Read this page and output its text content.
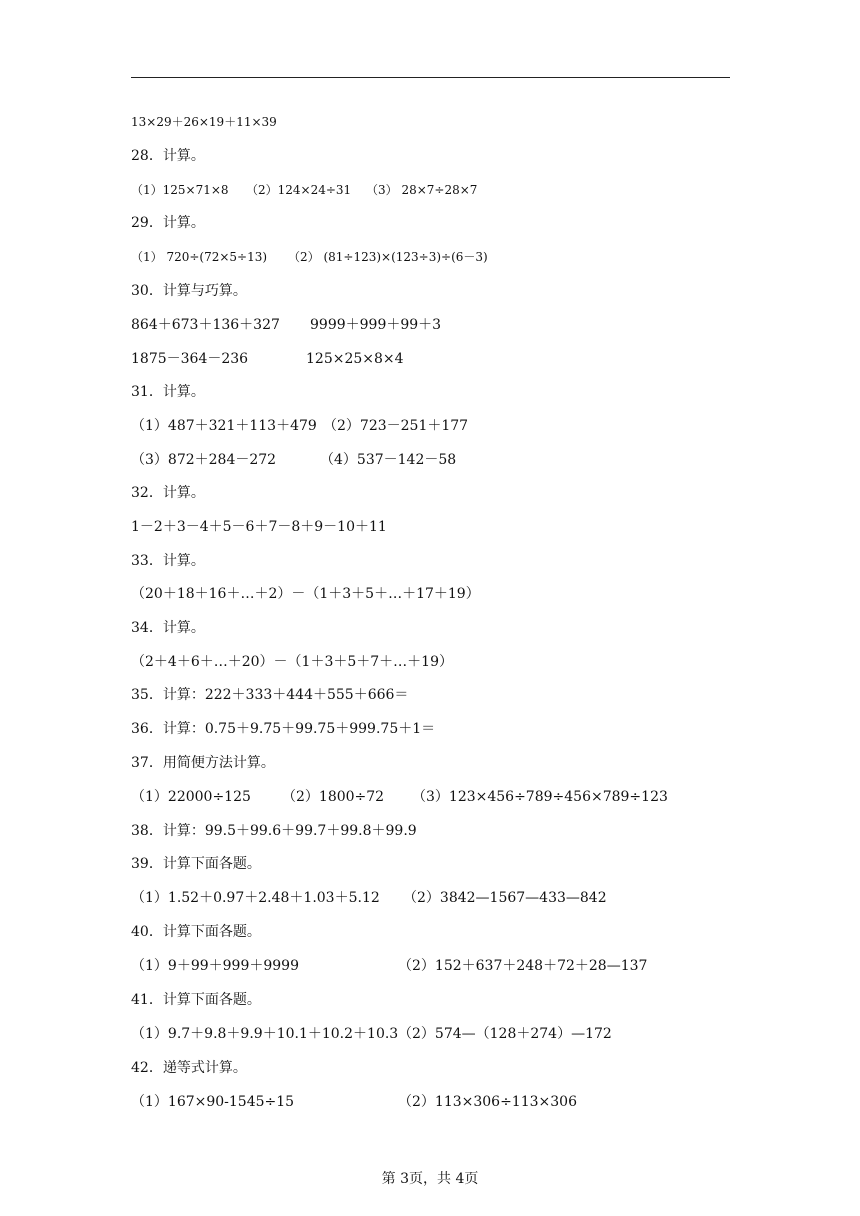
13×29＋26×19＋11×39
28．计算。
（1）125×71×8 （2）124×24÷31 （3） 28×7÷28×7
29．计算。
（1） 720÷(72×5÷13) （2） (81÷123)×(123÷3)÷(6－3)
30．计算与巧算。
864＋673＋136＋327 9999＋999＋99＋3
1875－364－236	125×25×8×4
31．计算。
（1）487＋321＋113＋479 （2）723－251＋177
（3）872＋284－272	（4）537－142－58
32．计算。
1－2＋3－4＋5－6＋7－8＋9－10＋11
33．计算。
（20＋18＋16＋…＋2）－（1＋3＋5＋…＋17＋19）
34．计算。
（2＋4＋6＋…＋20）－（1＋3＋5＋7＋…＋19）
35．计算：222＋333＋444＋555＋666＝
36．计算：0.75＋9.75＋99.75＋999.75＋1＝
37．用简便方法计算。
（1）22000÷125 （2）1800÷72 （3）123×456÷789÷456×789÷123
38．计算：99.5＋99.6＋99.7＋99.8＋99.9
39．计算下面各题。
（1）1.52＋0.97＋2.48＋1.03＋5.12 （2）3842—1567—433—842
40．计算下面各题。
（1）9＋99＋999＋9999	（2）152＋637＋248＋72＋28—137
41．计算下面各题。
（1）9.7＋9.8＋9.9＋10.1＋10.2＋10.3 （2）574—（128＋274）—172
42．递等式计算。
（1）167×90-1545÷15	（2）113×306÷113×306
第 3页，共 4页
